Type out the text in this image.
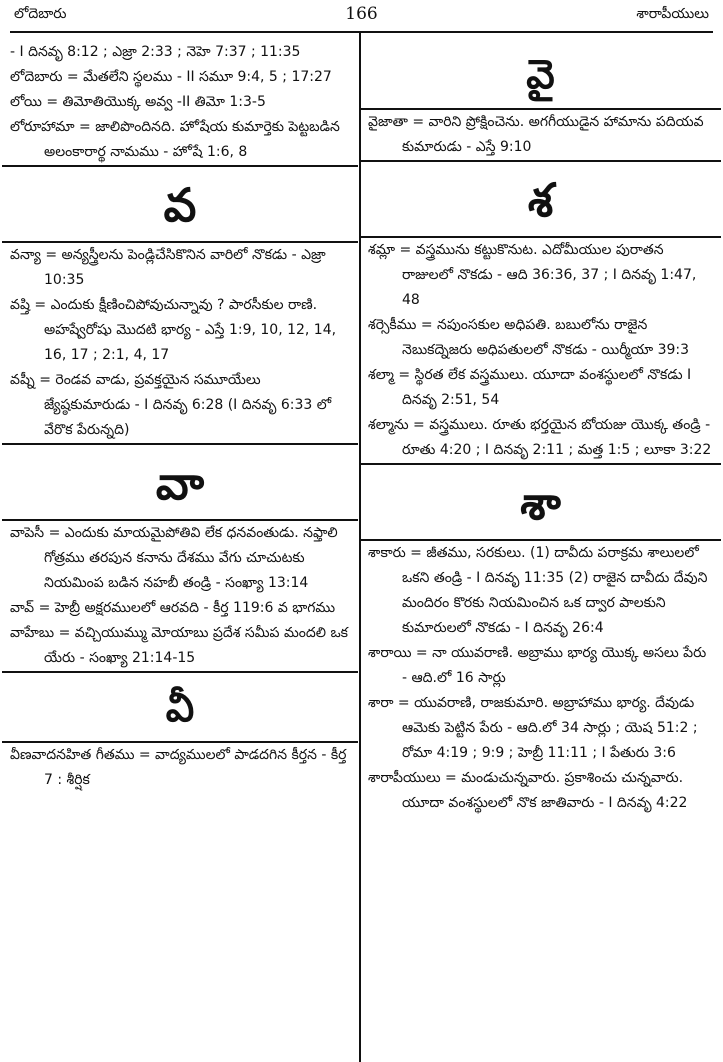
లోదెబారు	166	శారాపీయులు

- I దినవృ 8:12 ; ఎజ్రా 2:33 ; నెహె 7:37 ; 11:35

లోదెబారు = మేతలేని స్థలము - II సమూ 9:4, 5 ; 17:27

లోయి = తిమోతియొక్క అవ్వ -II తిమో 1:3-5

లోరూహామా = జాలిపొందినది. హోషేయ కుమార్తెకు పెట్టబడిన అలంకారార్థ నామము - హోషే 1:6, 8

వ

వన్యా = అన్యస్త్రీలను పెండ్లిచేసికొనిన వారిలో నొకడు - ఎజ్రా 10:35

వష్తి = ఎందుకు క్షీణించిపోవుచున్నావు ? పారసీకుల రాణి. అహష్వేరోషు మొదటి భార్య - ఎస్తే 1:9, 10, 12, 14, 16, 17 ; 2:1, 4, 17

వష్నీ = రెండవ వాడు, ప్రవక్తయైన సమూయేలు జ్యేష్ఠకుమారుడు - I దినవృ 6:28 (I దినవృ 6:33 లో వేరొక పేరున్నది)

వా

వాపెసీ = ఎందుకు మాయమైపోతివి లేక ధనవంతుడు. నఫ్తాలి గోత్రము తరపున కనాను దేశము వేగు చూచుటకు నియమింప బడిన నహబీ తండ్రి - సంఖ్యా 13:14

వావ్ = హెబ్రీ అక్షరములలో ఆరవది - కీర్త 119:6 వ భాగము

వాహేబు = వచ్చియుమ్ము మోయాబు ప్రదేశ సమీప మందలి ఒక యేరు - సంఖ్యా 21:14-15

వీ

వీణవాదనహిత గీతము = వాద్యములలో పాడదగిన కీర్తన - కీర్త 7 : శీర్షిక

వై

వైజాతా = వారిని ప్రోక్షించెను. అగగీయుడైన హామాను పదియవ కుమారుడు - ఎస్తే 9:10

శ

శమ్లా = వస్త్రమును కట్టుకొనుట. ఎదోమీయుల పురాతన రాజులలో నొకడు - ఆది 36:36, 37 ; I దినవృ 1:47, 48

శర్సెకీము = నపుంసకుల అధిపతి. బబులోను రాజైన నెబుకద్నెజరు అధిపతులలో నొకడు - యిర్మీయా 39:3

శల్మా = స్థిరత లేక వస్త్రములు. యూదా వంశస్థులలో నొకడు I దినవృ 2:51, 54

శల్మాను = వస్త్రములు. రూతు భర్తయైన బోయజు యొక్క తండ్రి - రూతు 4:20 ; I దినవృ 2:11 ; మత్త 1:5 ; లూకా 3:22

శా

శాకారు = జీతము, సరకులు. (1) దావీదు పరాక్రమ శాలులలో ఒకని తండ్రి - I దినవృ 11:35 (2) రాజైన దావీదు దేవుని మందిరం కొరకు నియమించిన ఒక ద్వార పాలకుని కుమారులలో నొకడు - I దినవృ 26:4

శారాయి = నా యువరాణి. అబ్రాము భార్య యొక్క అసలు పేరు - ఆది.లో 16 సార్లు

శారా = యువరాణి, రాజకుమారి. అబ్రాహాము భార్య. దేవుడు ఆమెకు పెట్టిన పేరు - ఆది.లో 34 సార్లు ; యెష 51:2 ; రోమా 4:19 ; 9:9 ; హెబ్రీ 11:11 ; I పేతురు 3:6

శారాపీయులు = మండుచున్నవారు. ప్రకాశించు చున్నవారు. యూదా వంశస్థులలో నొక జాతివారు - I దినవృ 4:22
